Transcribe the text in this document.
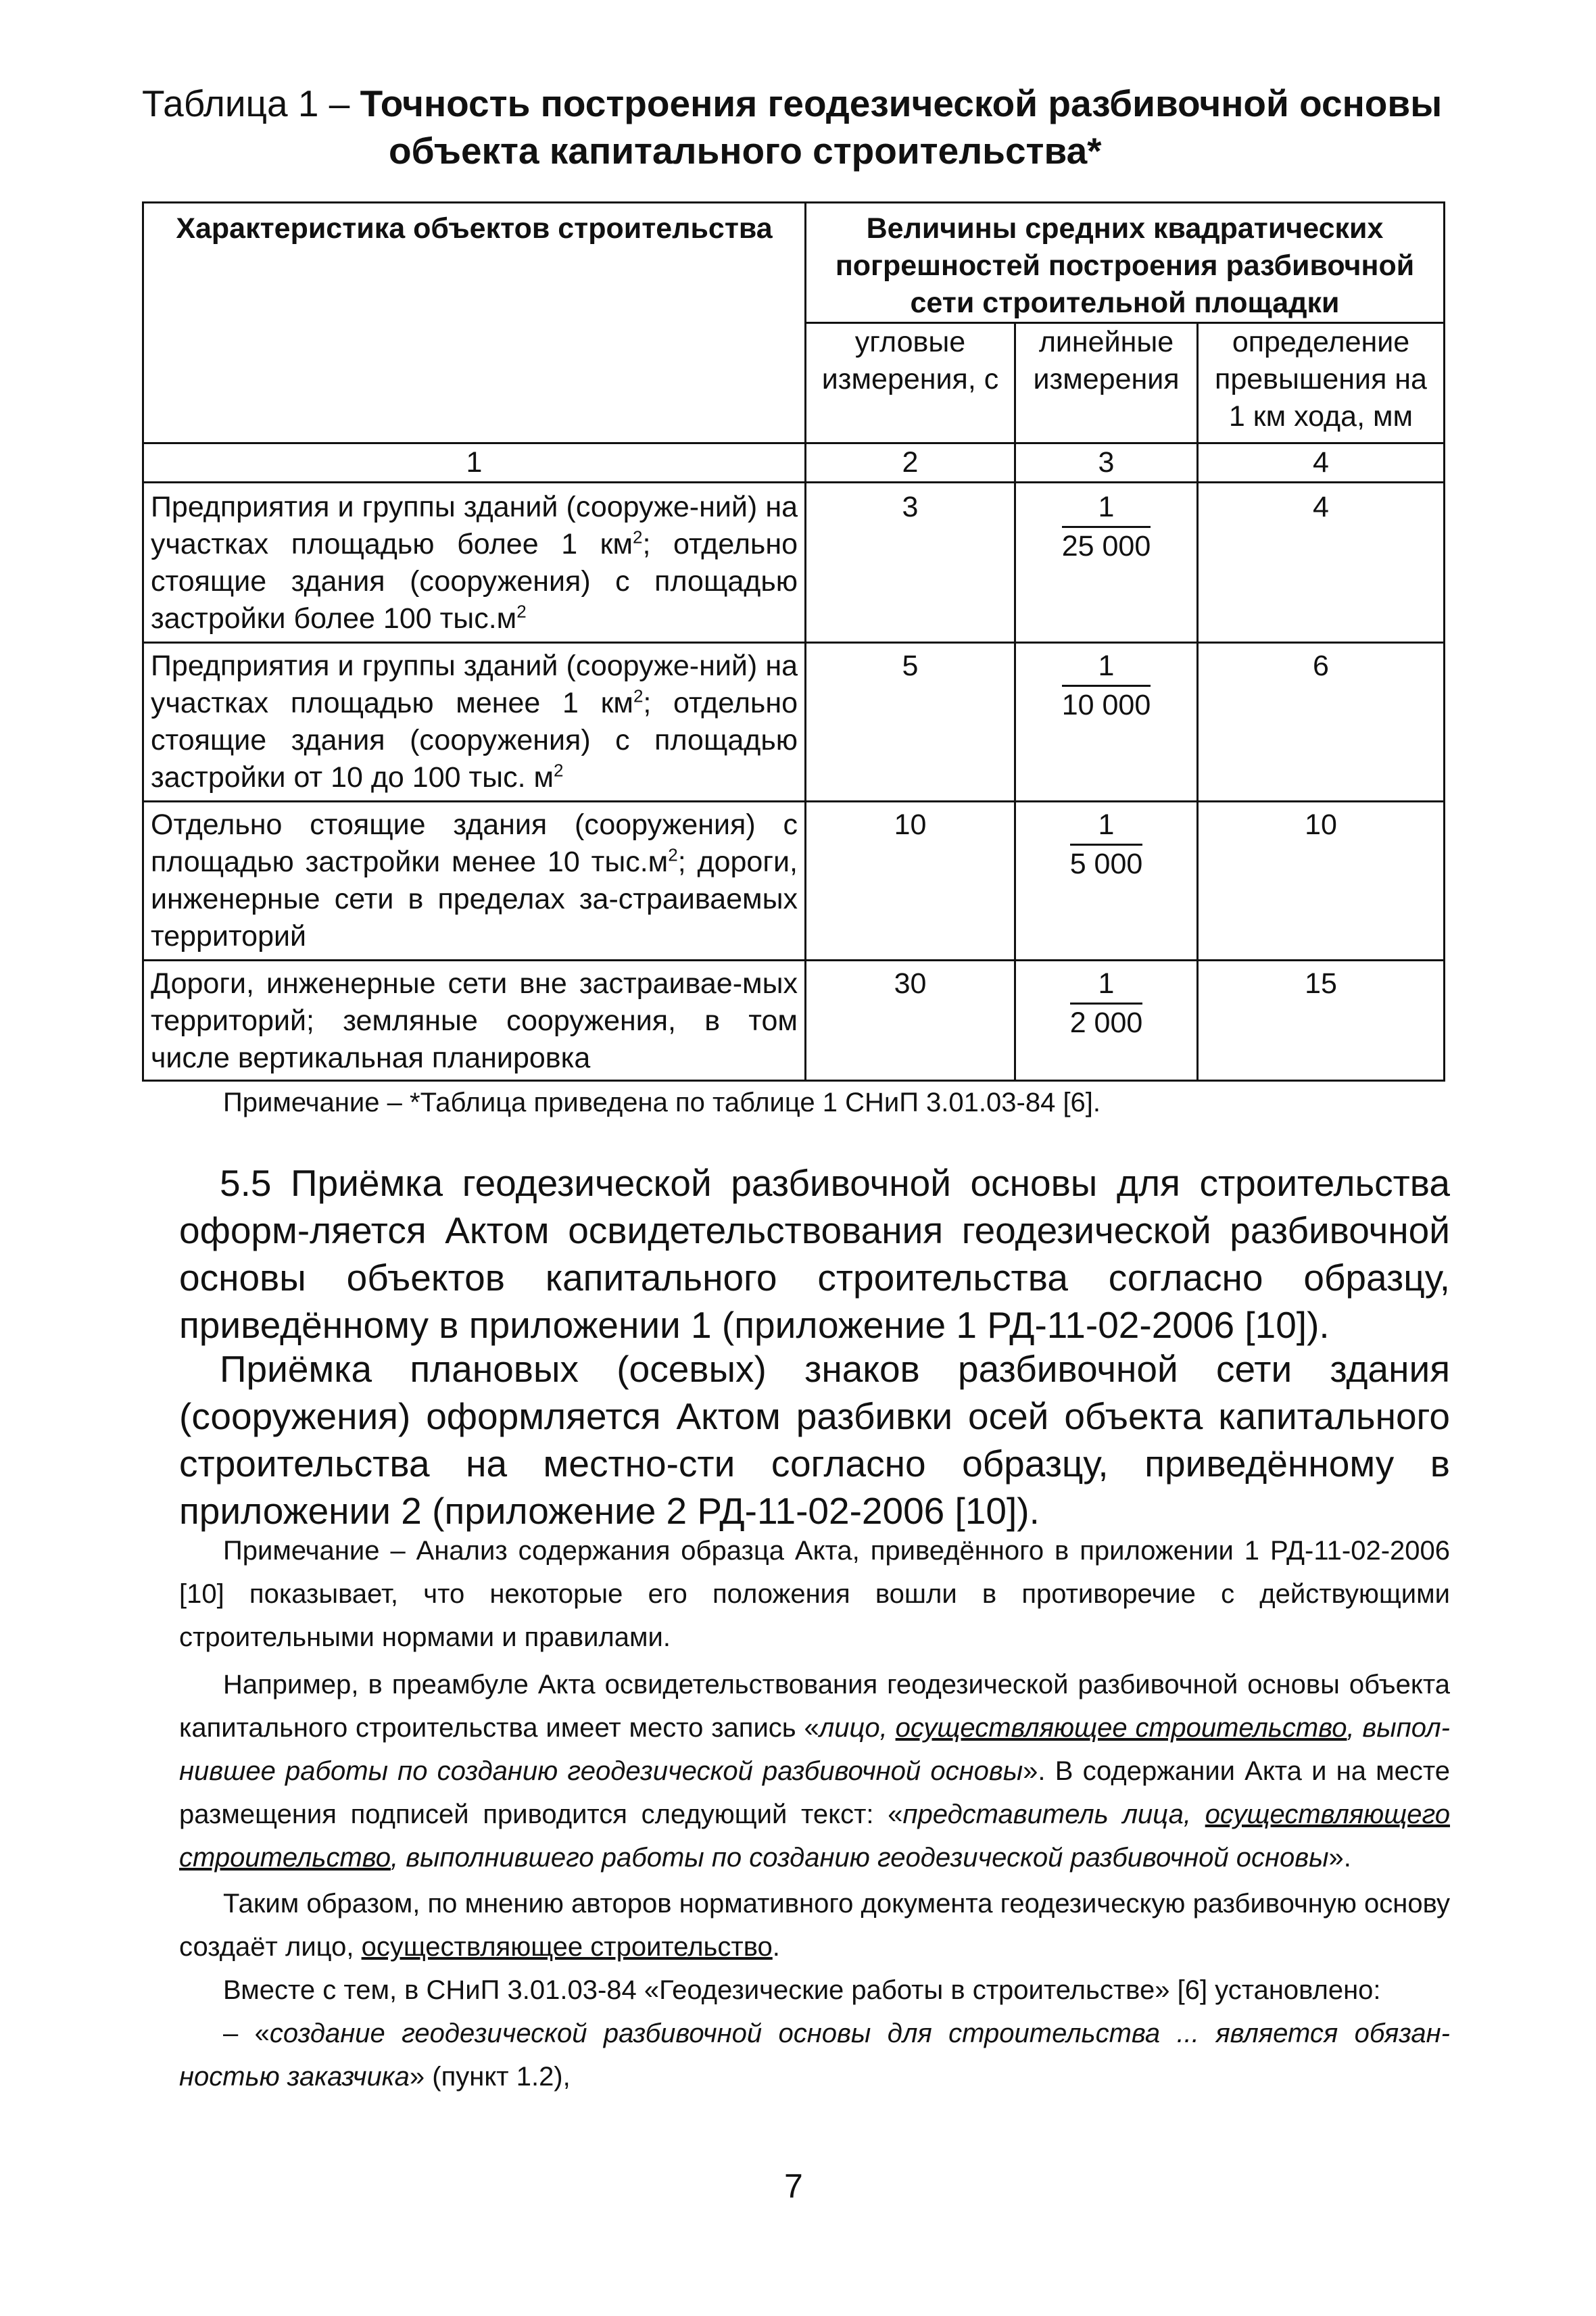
Таблица 1 – Точность построения геодезической разбивочной основы
объекта капитального строительства*
Характеристика объектов строительства	Величины средних квадратических погрешностей построения разбивочной сети строительной площадки		
	угловые измерения, с	линейные измерения	определение превышения на 1 км хода, мм
1	2	3	4
Предприятия и группы зданий (сооруже-ний) на участках площадью более 1 $км^2$; отдельно стоящие здания (сооружения) с площадью застройки более 100 $тыс.м^2$	3	$\frac{1}{25 000}$	4
Предприятия и группы зданий (сооруже-ний) на участках площадью менее 1 $км^2$; отдельно стоящие здания (сооружения) с площадью застройки от 10 до 100 тыс. $м^2$	5	$\frac{1}{10 000}$	6
Отдельно стоящие здания (сооружения) с площадью застройки менее 10 $тыс.м^2$; дороги, инженерные сети в пределах за-страиваемых территорий	10	$\frac{1}{5 000}$	10
Дороги, инженерные сети вне застраивае-мых территорий; земляные сооружения, в том числе вертикальная планировка	30	$\frac{1}{2 000}$	15
Примечание – *Таблица приведена по таблице 1 СНиП 3.01.03-84 [6].

5.5 Приёмка геодезической разбивочной основы для строительства оформ-ляется Актом освидетельствования геодезической разбивочной основы объектов капитального строительства согласно образцу, приведённому в приложении 1 (приложение 1 РД-11-02-2006 [10]).

Приёмка плановых (осевых) знаков разбивочной сети здания (сооружения) оформляется Актом разбивки осей объекта капитального строительства на местно-сти согласно образцу, приведённому в приложении 2 (приложение 2 РД-11-02-2006 [10]).

Примечание – Анализ содержания образца Акта, приведённого в приложении 1 РД-11-02-2006 [10] показывает, что некоторые его положения вошли в противоречие с действующими строительными нормами и правилами.

Например, в преамбуле Акта освидетельствования геодезической разбивочной основы объекта капитального строительства имеет место запись «лицо, осуществляющее строительство, выпол-нившее работы по созданию геодезической разбивочной основы». В содержании Акта и на месте размещения подписей приводится следующий текст: «представитель лица, осуществляющего строительство, выполнившего работы по созданию геодезической разбивочной основы».

Таким образом, по мнению авторов нормативного документа геодезическую разбивочную основу создаёт лицо, осуществляющее строительство.

Вместе с тем, в СНиП 3.01.03-84 «Геодезические работы в строительстве» [6] установлено:

– «создание геодезической разбивочной основы для строительства ... является обязан-ностью заказчика» (пункт 1.2),

7
